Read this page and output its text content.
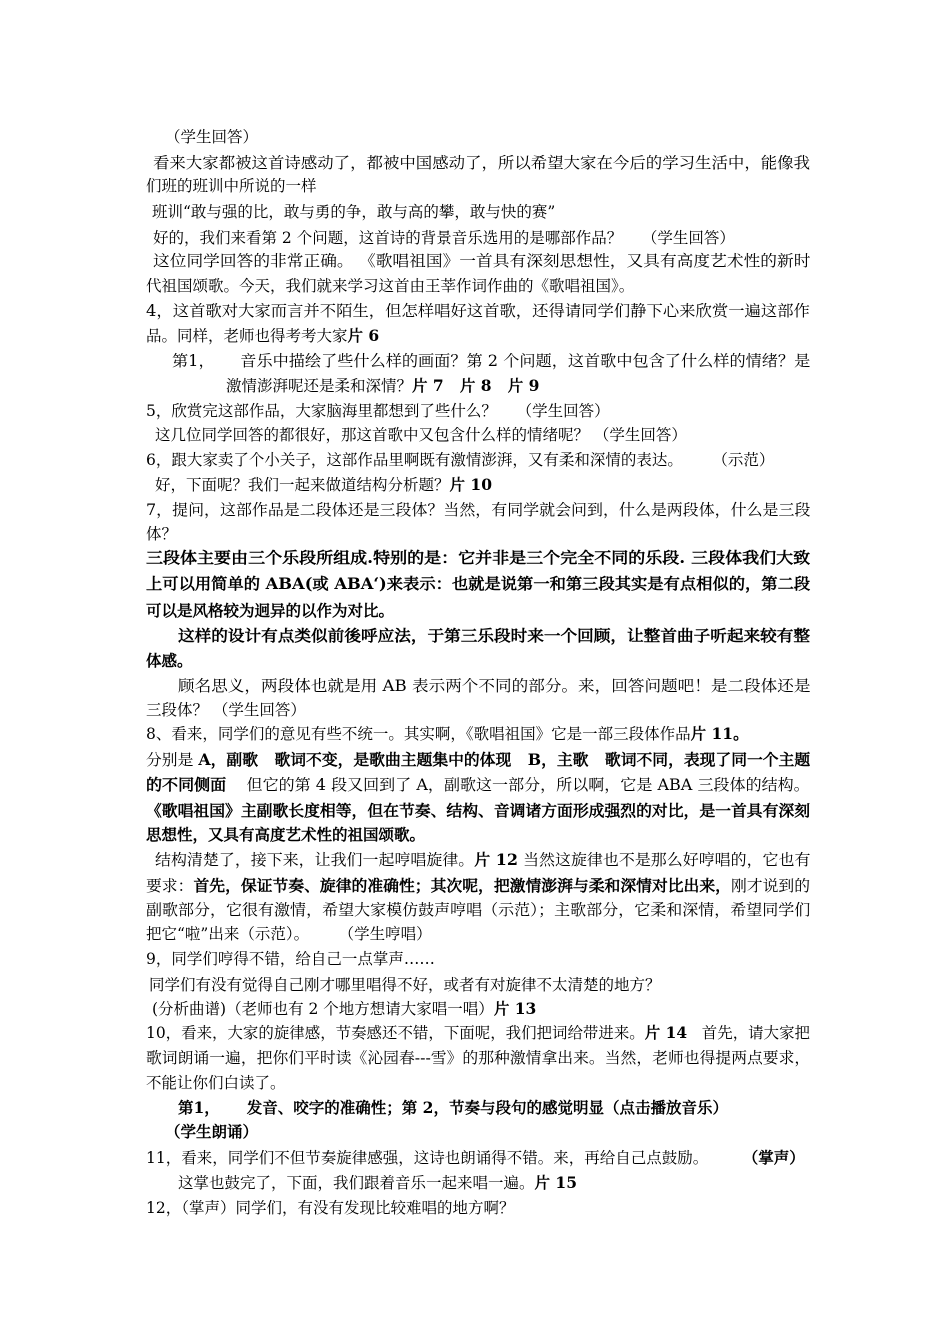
（学生回答）
看来大家都被这首诗感动了，都被中国感动了，所以希望大家在今后的学习生活中，能像我
们班的班训中所说的一样
班训“敢与强的比，敢与勇的争，敢与高的攀，敢与快的赛”
好的，我们来看第 2 个问题，这首诗的背景音乐选用的是哪部作品？    （学生回答）
这位同学回答的非常正确。 《歌唱祖国》一首具有深刻思想性，又具有高度艺术性的新时
代祖国颂歌。今天，我们就来学习这首由王莘作词作曲的《歌唱祖国》。
4，这首歌对大家而言并不陌生，但怎样唱好这首歌，还得请同学们静下心来欣赏一遍这部作
品。同样，老师也得考考大家片 6
第1，     音乐中描绘了些什么样的画面？第 2 个问题，这首歌中包含了什么样的情绪？是
激情澎湃呢还是柔和深情？片 7   片 8   片 9
5，欣赏完这部作品，大家脑海里都想到了些什么？    （学生回答）
这几位同学回答的都很好，那这首歌中又包含什么样的情绪呢？ （学生回答）
6，跟大家卖了个小关子，这部作品里啊既有激情澎湃，又有柔和深情的表达。      （示范）
好，下面呢？我们一起来做道结构分析题？片 10
7，提问，这部作品是二段体还是三段体？当然，有同学就会问到，什么是两段体，什么是三段
体？
三段体主要由三个乐段所组成.特别的是：它并非是三个完全不同的乐段. 三段体我们大致
上可以用简单的 ABA(或 ABA‘)来表示：也就是说第一和第三段其实是有点相似的，第二段
可以是风格较为迥异的以作为对比。
这样的设计有点类似前後呼应法，于第三乐段时来一个回顾，让整首曲子听起来较有整
体感。
顾名思义，两段体也就是用 AB 表示两个不同的部分。来，回答问题吧！是二段体还是
三段体？ （学生回答）
8、看来，同学们的意见有些不统一。其实啊，《歌唱祖国》它是一部三段体作品片 11。
分别是 A，副歌   歌词不变，是歌曲主题集中的体现   B，主歌   歌词不同，表现了同一个主题
的不同侧面    但它的第 4 段又回到了 A，副歌这一部分，所以啊，它是 ABA 三段体的结构。
《歌唱祖国》主副歌长度相等，但在节奏、结构、音调诸方面形成强烈的对比，是一首具有深刻
思想性，又具有高度艺术性的祖国颂歌。
结构清楚了，接下来，让我们一起哼唱旋律。片 12 当然这旋律也不是那么好哼唱的，它也有
要求：首先，保证节奏、旋律的准确性；其次呢，把激情澎湃与柔和深情对比出来，刚才说到的
副歌部分，它很有激情，希望大家模仿鼓声哼唱（示范）；主歌部分，它柔和深情，希望同学们
把它“啦”出来（示范）。      （学生哼唱）
9，同学们哼得不错，给自己一点掌声……
同学们有没有觉得自己刚才哪里唱得不好，或者有对旋律不太清楚的地方？
(分析曲谱)（老师也有 2 个地方想请大家唱一唱）片 13
10，看来，大家的旋律感，节奏感还不错，下面呢，我们把词给带进来。片 14   首先，请大家把
歌词朗诵一遍，把你们平时读《沁园春---雪》的那种激情拿出来。当然，老师也得提两点要求，
不能让你们白读了。
第1，     发音、咬字的准确性；第 2，节奏与段句的感觉明显（点击播放音乐）
（学生朗诵）
11，看来，同学们不但节奏旋律感强，这诗也朗诵得不错。来，再给自己点鼓励。       （掌声）
这掌也鼓完了，下面，我们跟着音乐一起来唱一遍。片 15
12，（掌声）同学们，有没有发现比较难唱的地方啊？
